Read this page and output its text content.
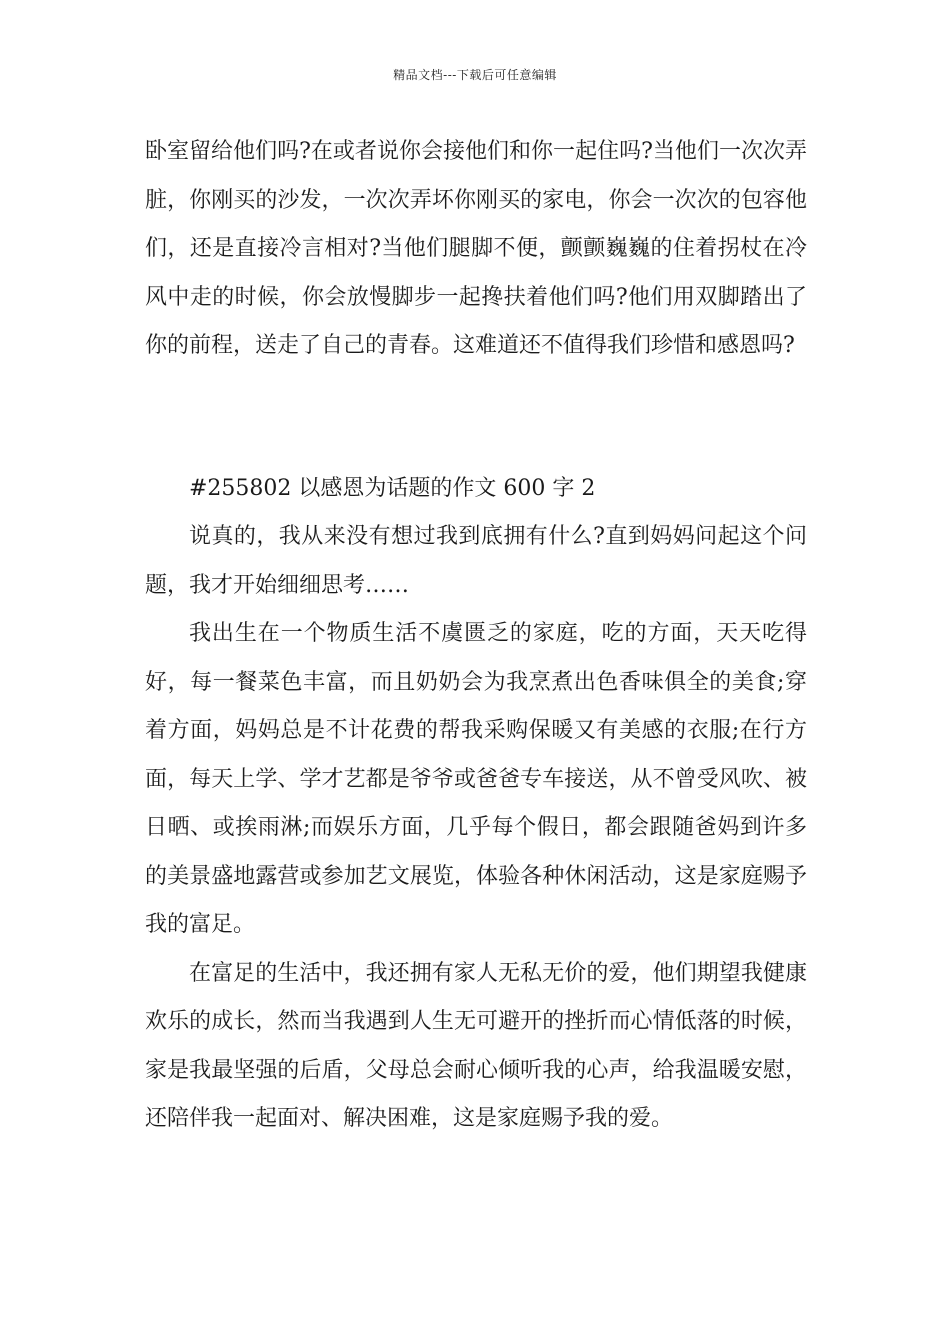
精品文档---下载后可任意编辑

卧室留给他们吗?在或者说你会接他们和你一起住吗?当他们一次次弄脏，你刚买的沙发，一次次弄坏你刚买的家电，你会一次次的包容他们，还是直接冷言相对?当他们腿脚不便，颤颤巍巍的住着拐杖在冷风中走的时候，你会放慢脚步一起搀扶着他们吗?他们用双脚踏出了你的前程，送走了自己的青春。这难道还不值得我们珍惜和感恩吗?

#255802 以感恩为话题的作文 600 字 2

说真的，我从来没有想过我到底拥有什么?直到妈妈问起这个问题，我才开始细细思考……

我出生在一个物质生活不虞匮乏的家庭，吃的方面，天天吃得好，每一餐菜色丰富，而且奶奶会为我烹煮出色香味俱全的美食;穿着方面，妈妈总是不计花费的帮我采购保暖又有美感的衣服;在行方面，每天上学、学才艺都是爷爷或爸爸专车接送，从不曾受风吹、被日晒、或挨雨淋;而娱乐方面，几乎每个假日，都会跟随爸妈到许多的美景盛地露营或参加艺文展览，体验各种休闲活动，这是家庭赐予我的富足。

在富足的生活中，我还拥有家人无私无价的爱，他们期望我健康欢乐的成长，然而当我遇到人生无可避开的挫折而心情低落的时候，家是我最坚强的后盾，父母总会耐心倾听我的心声，给我温暖安慰，还陪伴我一起面对、解决困难，这是家庭赐予我的爱。
